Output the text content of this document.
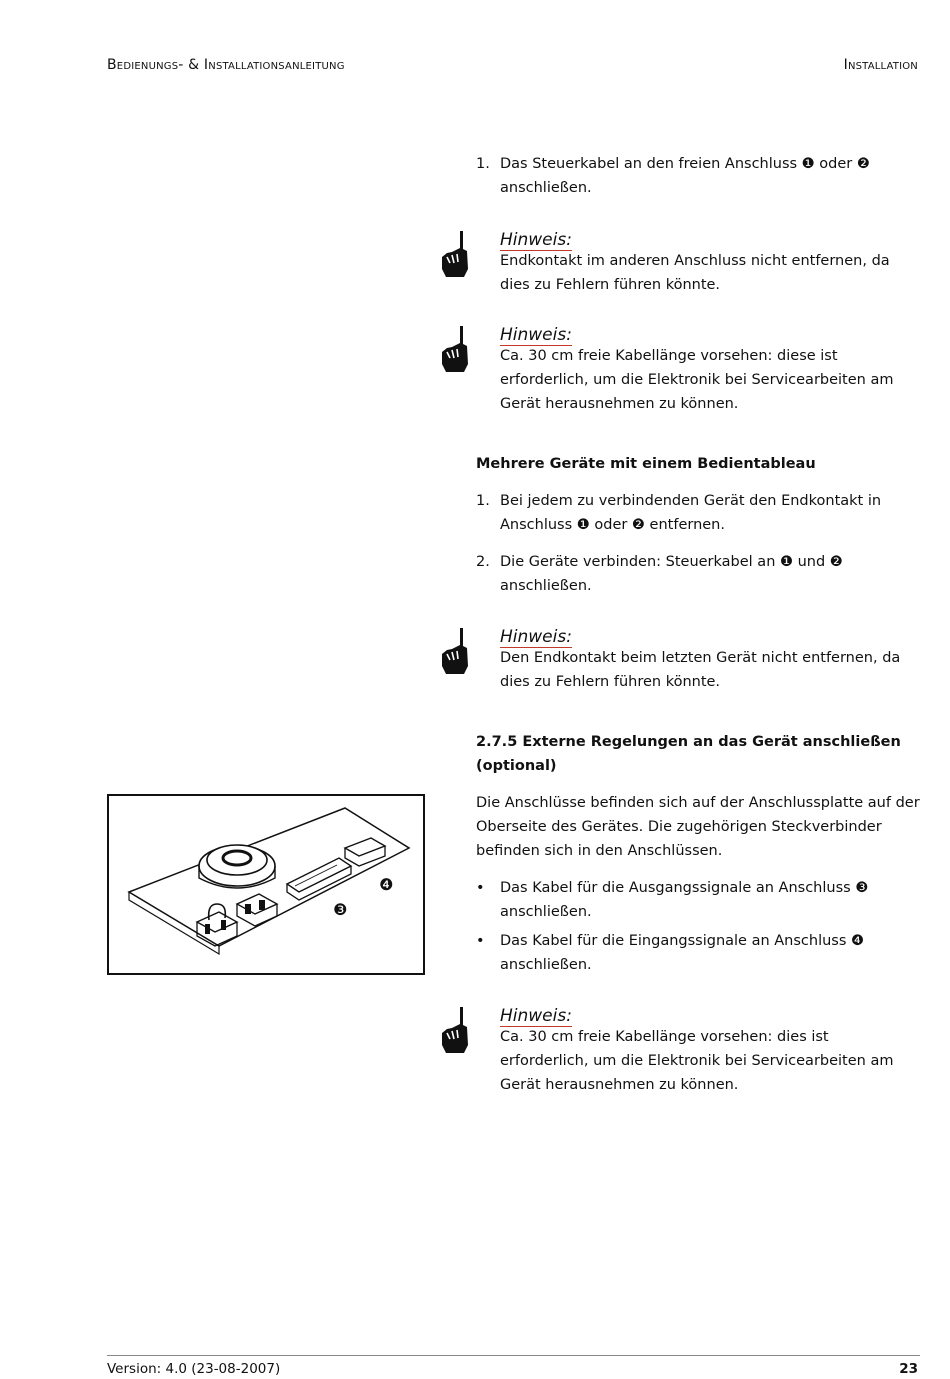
Bedienungs- & Installationsanleitung	Installation
1. Das Steuerkabel an den freien Anschluss ❶ oder ❷ anschließen.
Hinweis:
Endkontakt im anderen Anschluss nicht entfernen, da dies zu Fehlern führen könnte.
Hinweis:
Ca. 30 cm freie Kabellänge vorsehen: diese ist erforderlich, um die Elektronik bei Servicearbeiten am Gerät herausnehmen zu können.
Mehrere Geräte mit einem Bedientableau
1. Bei jedem zu verbindenden Gerät den Endkontakt in Anschluss ❶ oder ❷ entfernen.
2. Die Geräte verbinden: Steuerkabel an ❶ und ❷ anschließen.
Hinweis:
Den Endkontakt beim letzten Gerät nicht entfernen, da dies zu Fehlern führen könnte.
2.7.5 Externe Regelungen an das Gerät anschließen (optional)
Die Anschlüsse befinden sich auf der Anschlussplatte auf der Oberseite des Gerätes. Die zugehörigen Steckverbinder befinden sich in den Anschlüssen.
• Das Kabel für die Ausgangssignale an Anschluss ❸ anschließen.
• Das Kabel für die Eingangssignale an Anschluss ❹ anschließen.
Hinweis:
Ca. 30 cm freie Kabellänge vorsehen: dies ist erforderlich, um die Elektronik bei Servicearbeiten am Gerät herausnehmen zu können.
❸
❹
Version: 4.0 (23-08-2007)	23
